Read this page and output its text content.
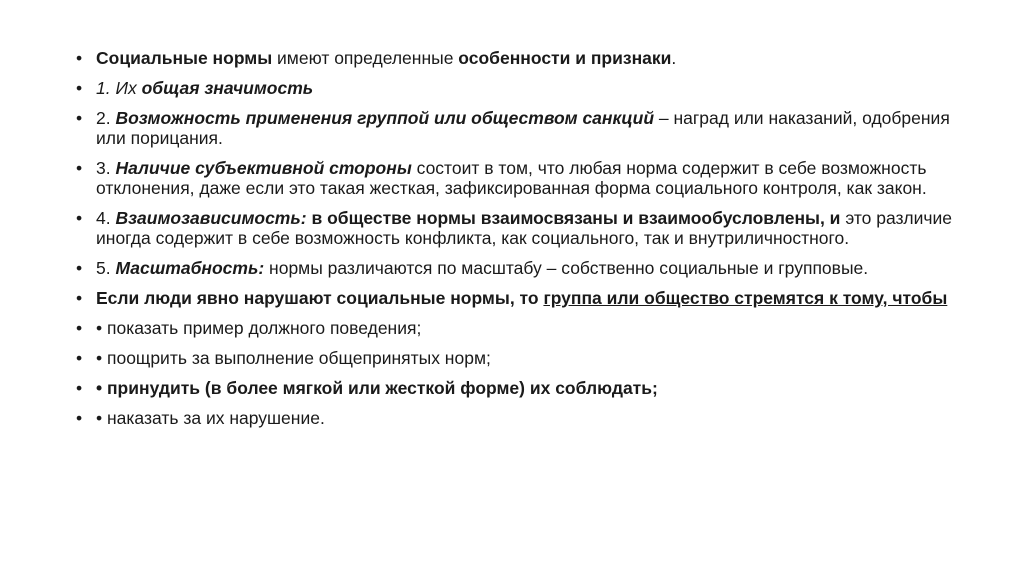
• Социальные нормы имеют определенные особенности и признаки.
• 1. Их общая значимость
• 2. Возможность применения группой или обществом санкций – наград или наказаний, одобрения или порицания.
• 3. Наличие субъективной стороны состоит в том, что любая норма содержит в себе возможность отклонения, даже если это такая жесткая, зафиксированная форма социального контроля, как закон.
• 4. Взаимозависимость: в обществе нормы взаимосвязаны и взаимообусловлены, и это различие иногда содержит в себе возможность конфликта, как социального, так и внутриличностного.
• 5. Масштабность: нормы различаются по масштабу – собственно социальные и групповые.
• Если люди явно нарушают социальные нормы, то группа или общество стремятся к тому, чтобы
• • показать пример должного поведения;
• • поощрить за выполнение общепринятых норм;
• • принудить (в более мягкой или жесткой форме) их соблюдать;
• • наказать за их нарушение.
